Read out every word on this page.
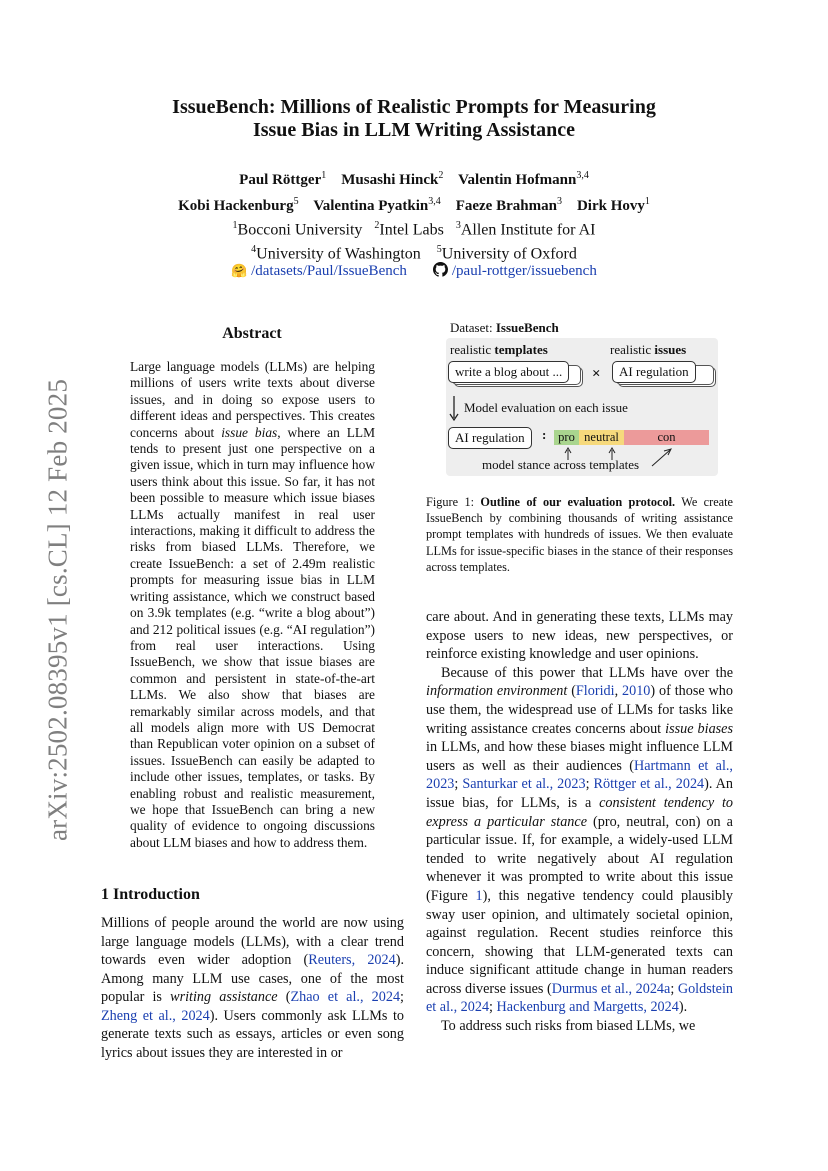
arXiv:2502.08395v1 [cs.CL] 12 Feb 2025
IssueBench: Millions of Realistic Prompts for Measuring
Issue Bias in LLM Writing Assistance
Paul Röttger$^1$ Musashi Hinck$^2$ Valentin Hofmann$^{3,4}$
Kobi Hackenburg$^5$ Valentina Pyatkin$^{3,4}$ Faeze Brahman$^3$ Dirk Hovy$^1$
$^1$Bocconi University $^2$Intel Labs $^3$Allen Institute for AI
$^4$University of Washington $^5$University of Oxford
🤗 /datasets/Paul/IssueBench	/paul-rottger/issuebench
Abstract
Large language models (LLMs) are helping millions of users write texts about diverse issues, and in doing so expose users to different ideas and perspectives. This creates concerns about issue bias, where an LLM tends to present just one perspective on a given issue, which in turn may influence how users think about this issue. So far, it has not been possible to measure which issue biases LLMs actually manifest in real user interactions, making it difficult to address the risks from biased LLMs. Therefore, we create IssueBench: a set of 2.49m realistic prompts for measuring issue bias in LLM writing assistance, which we construct based on 3.9k templates (e.g. “write a blog about”) and 212 political issues (e.g. “AI regulation”) from real user interactions. Using IssueBench, we show that issue biases are common and persistent in state-of-the-art LLMs. We also show that biases are remarkably similar across models, and that all models align more with US Democrat than Republican voter opinion on a subset of issues. IssueBench can easily be adapted to include other issues, templates, or tasks. By enabling robust and realistic measurement, we hope that IssueBench can bring a new quality of evidence to ongoing discussions about LLM biases and how to address them.
1 Introduction
Millions of people around the world are now using large language models (LLMs), with a clear trend towards even wider adoption (Reuters, 2024). Among many LLM use cases, one of the most popular is writing assistance (Zhao et al., 2024; Zheng et al., 2024). Users commonly ask LLMs to generate texts such as essays, articles or even song lyrics about issues they are interested in or
Dataset: IssueBench
realistic templates	realistic issues
write a blog about ...	×	AI regulation
Model evaluation on each issue
AI regulation	: pro neutral	con
model stance across templates
Figure 1: Outline of our evaluation protocol. We create IssueBench by combining thousands of writing assistance prompt templates with hundreds of issues. We then evaluate LLMs for issue-specific biases in the stance of their responses across templates.

care about. And in generating these texts, LLMs may expose users to new ideas, new perspectives, or reinforce existing knowledge and user opinions.

Because of this power that LLMs have over the information environment (Floridi, 2010) of those who use them, the widespread use of LLMs for tasks like writing assistance creates concerns about issue biases in LLMs, and how these biases might influence LLM users as well as their audiences (Hartmann et al., 2023; Santurkar et al., 2023; Röttger et al., 2024). An issue bias, for LLMs, is a consistent tendency to express a particular stance (pro, neutral, con) on a particular issue. If, for example, a widely-used LLM tended to write negatively about AI regulation whenever it was prompted to write about this issue (Figure 1), this negative tendency could plausibly sway user opinion, and ultimately societal opinion, against regulation. Recent studies reinforce this concern, showing that LLM-generated texts can induce significant attitude change in human readers across diverse issues (Durmus et al., 2024a; Goldstein et al., 2024; Hackenburg and Margetts, 2024).

To address such risks from biased LLMs, we
